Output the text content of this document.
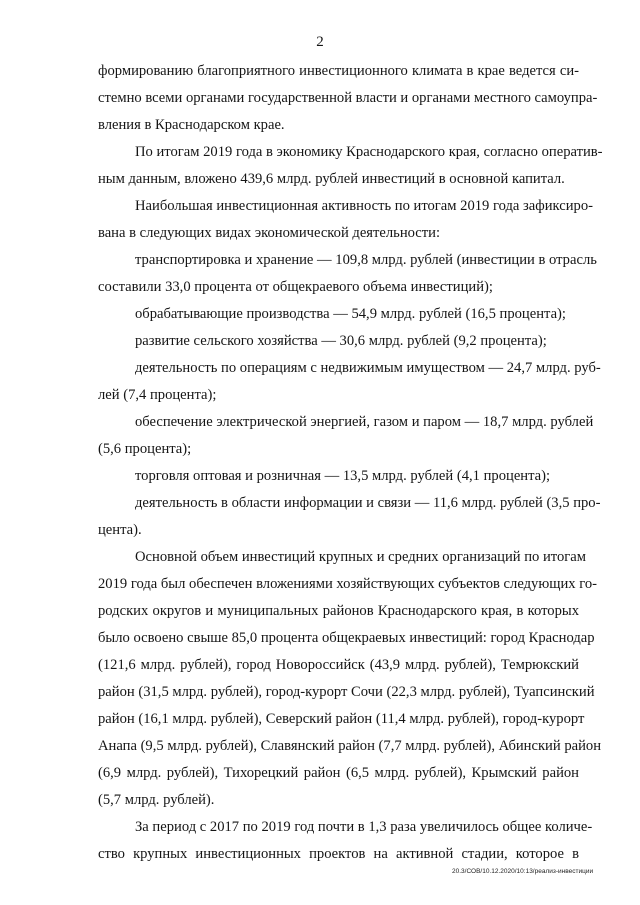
2
формированию благоприятного инвестиционного климата в крае ведется си-
стемно всеми органами государственной власти и органами местного самоупра-
вления в Краснодарском крае.
По итогам 2019 года в экономику Краснодарского края, согласно оператив-
ным данным, вложено 439,6 млрд. рублей инвестиций в основной капитал.
Наибольшая инвестиционная активность по итогам 2019 года зафиксиро-
вана в следующих видах экономической деятельности:
транспортировка и хранение — 109,8 млрд. рублей (инвестиции в отрасль
составили 33,0 процента от общекраевого объема инвестиций);
обрабатывающие производства — 54,9 млрд. рублей (16,5 процента);
развитие сельского хозяйства — 30,6 млрд. рублей (9,2 процента);
деятельность по операциям с недвижимым имуществом — 24,7 млрд. руб-
лей (7,4 процента);
обеспечение электрической энергией, газом и паром — 18,7 млрд. рублей
(5,6 процента);
торговля оптовая и розничная — 13,5 млрд. рублей (4,1 процента);
деятельность в области информации и связи — 11,6 млрд. рублей (3,5 про-
цента).
Основной объем инвестиций крупных и средних организаций по итогам
2019 года был обеспечен вложениями хозяйствующих субъектов следующих го-
родских округов и муниципальных районов Краснодарского края, в которых
было освоено свыше 85,0 процента общекраевых инвестиций: город Краснодар
(121,6 млрд. рублей), город Новороссийск (43,9 млрд. рублей), Темрюкский
район (31,5 млрд. рублей), город-курорт Сочи (22,3 млрд. рублей), Туапсинский
район (16,1 млрд. рублей), Северский район (11,4 млрд. рублей), город-курорт
Анапа (9,5 млрд. рублей), Славянский район (7,7 млрд. рублей), Абинский район
(6,9 млрд. рублей), Тихорецкий район (6,5 млрд. рублей), Крымский район
(5,7 млрд. рублей).
За период с 2017 по 2019 год почти в 1,3 раза увеличилось общее количе-
ство крупных инвестиционных проектов на активной стадии, которое в
20.3/СОВ/10.12.2020/10:13/реализ-инвестиции
